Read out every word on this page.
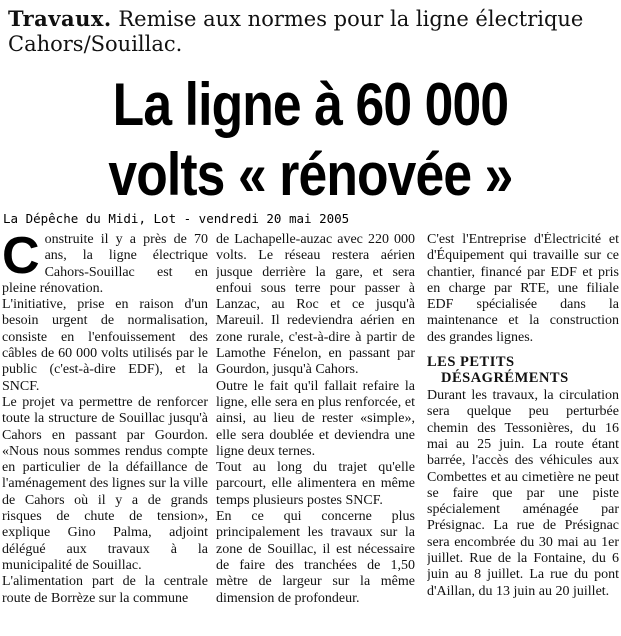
Travaux. Remise aux normes pour la ligne électrique Cahors/Souillac.
La ligne à 60 000
volts « rénovée »
La Dépêche du Midi, Lot - vendredi 20 mai 2005

Construite il y a près de 70 ans, la ligne électrique Cahors-Souillac est en pleine rénovation.

L'initiative, prise en raison d'un besoin urgent de normalisation, consiste en l'enfouissement des câbles de 60 000 volts utilisés par le public (c'est-à-dire EDF), et la SNCF.

Le projet va permettre de renforcer toute la structure de Souillac jusqu'à Cahors en passant par Gourdon. «Nous nous sommes rendus compte en particulier de la défaillance de l'aménagement des lignes sur la ville de Cahors où il y a de grands risques de chute de tension», explique Gino Palma, adjoint délégué aux travaux à la municipalité de Souillac.

L'alimentation part de la centrale route de Borrèze sur la commune

de Lachapelle-auzac avec 220 000 volts. Le réseau restera aérien jusque derrière la gare, et sera enfoui sous terre pour passer à Lanzac, au Roc et ce jusqu'à Mareuil. Il redeviendra aérien en zone rurale, c'est-à-dire à partir de Lamothe Fénelon, en passant par Gourdon, jusqu'à Cahors.

Outre le fait qu'il fallait refaire la ligne, elle sera en plus renforcée, et ainsi, au lieu de rester «simple», elle sera doublée et deviendra une ligne deux ternes.

Tout au long du trajet qu'elle parcourt, elle alimentera en même temps plusieurs postes SNCF.

En ce qui concerne plus principalement les travaux sur la zone de Souillac, il est nécessaire de faire des tranchées de 1,50 mètre de largeur sur la même dimension de profondeur.

C'est l'Entreprise d'Électricité et d'Équipement qui travaille sur ce chantier, financé par EDF et pris en charge par RTE, une filiale EDF spécialisée dans la maintenance et la construction des grandes lignes.

LES PETITS
DÉSAGRÉMENTS

Durant les travaux, la circulation sera quelque peu perturbée chemin des Tessonières, du 16 mai au 25 juin. La route étant barrée, l'accès des véhicules aux Combettes et au cimetière ne peut se faire que par une piste spécialement aménagée par Présignac. La rue de Présignac sera encombrée du 30 mai au 1er juillet. Rue de la Fontaine, du 6 juin au 8 juillet. La rue du pont d'Aillan, du 13 juin au 20 juillet.
